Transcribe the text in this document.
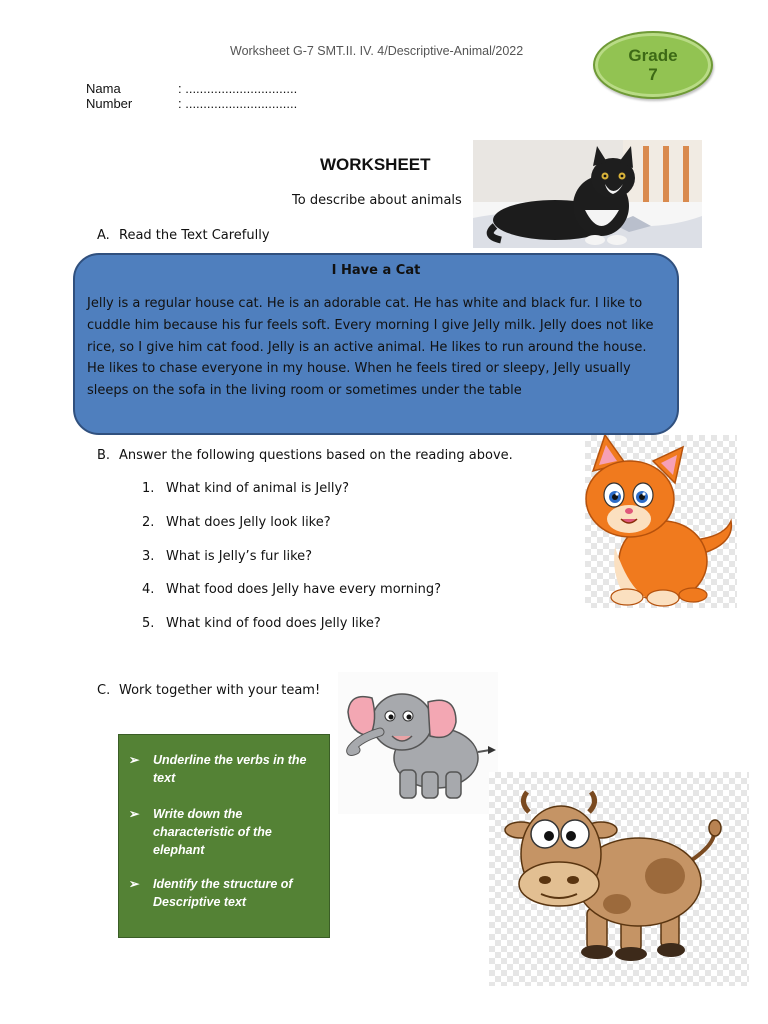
Worksheet G-7 SMT.II. IV. 4/Descriptive-Animal/2022	Grade
7
Nama	: ...............................
Number	: ...............................
WORKSHEET
To describe about animals
A. Read the Text Carefully
I Have a Cat
Jelly is a regular house cat. He is an adorable cat. He has white and black fur. I like to cuddle him because his fur feels soft. Every morning I give Jelly milk. Jelly does not like rice, so I give him cat food. Jelly is an active animal. He likes to run around the house. He likes to chase everyone in my house. When he feels tired or sleepy, Jelly usually sleeps on the sofa in the living room or sometimes under the table
B. Answer the following questions based on the reading above.
1. What kind of animal is Jelly?
2. What does Jelly look like?
3. What is Jelly’s fur like?
4. What food does Jelly have every morning?
5. What kind of food does Jelly like?
C. Work together with your team!
➢ Underline the verbs in the text
➢ Write down the characteristic of the elephant
➢ Identify the structure of Descriptive text
